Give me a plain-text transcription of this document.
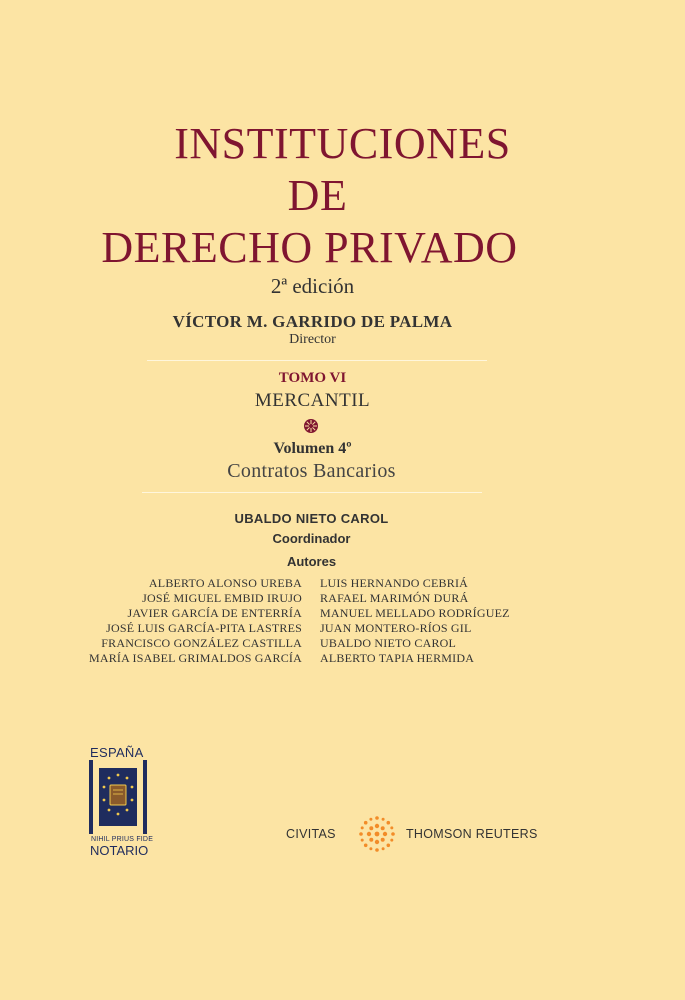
INSTITUCIONES
DE
DERECHO PRIVADO
2ª edición
VÍCTOR M. GARRIDO DE PALMA
Director
TOMO VI
MERCANTIL
Volumen 4º
Contratos Bancarios
UBALDO NIETO CAROL
Coordinador
Autores
ALBERTO ALONSO UREBA
JOSÉ MIGUEL EMBID IRUJO
JAVIER GARCÍA DE ENTERRÍA
JOSÉ LUIS GARCÍA-PITA LASTRES
FRANCISCO GONZÁLEZ CASTILLA
MARÍA ISABEL GRIMALDOS GARCÍA
LUIS HERNANDO CEBRIÁ
RAFAEL MARIMÓN DURÁ
MANUEL MELLADO RODRÍGUEZ
JUAN MONTERO-RÍOS GIL
UBALDO NIETO CAROL
ALBERTO TAPIA HERMIDA
ESPAÑA
NIHIL PRIUS FIDE
NOTARIO
CIVITAS	THOMSON REUTERS
